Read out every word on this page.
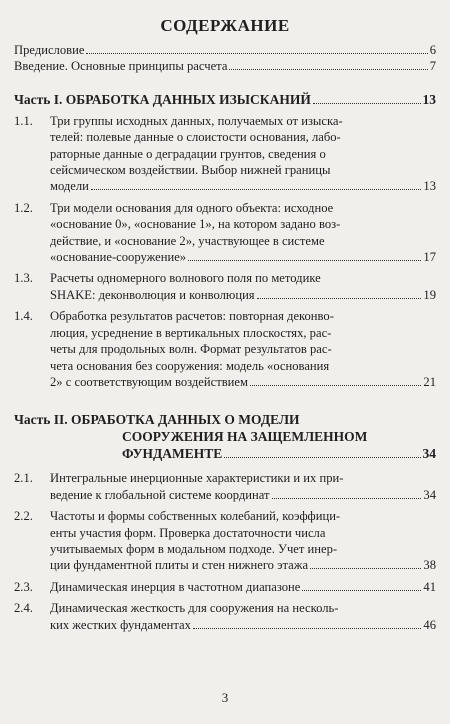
СОДЕРЖАНИЕ
Предисловие	6
Введение. Основные принципы расчета	7
Часть I. ОБРАБОТКА ДАННЫХ ИЗЫСКАНИЙ	13
1.1. Три группы исходных данных, получаемых от изыска-
телей: полевые данные о слоистости основания, лабо-
раторные данные о деградации грунтов, сведения о
сейсмическом воздействии. Выбор нижней границы
модели	13
1.2. Три модели основания для одного объекта: исходное
«основание 0», «основание 1», на котором задано воз-
действие, и «основание 2», участвующее в системе
«основание-сооружение»	17
1.3. Расчеты одномерного волнового поля по методике
SHAKE: деконволюция и конволюция	19
1.4. Обработка результатов расчетов: повторная деконво-
люция, усреднение в вертикальных плоскостях, рас-
четы для продольных волн. Формат результатов рас-
чета основания без сооружения: модель «основания
2» с соответствующим воздействием	21
Часть II. ОБРАБОТКА ДАННЫХ О МОДЕЛИ
СООРУЖЕНИЯ НА ЗАЩЕМЛЕННОМ
ФУНДАМЕНТЕ	34
2.1. Интегральные инерционные характеристики и их при-
ведение к глобальной системе координат	34
2.2. Частоты и формы собственных колебаний, коэффици-
енты участия форм. Проверка достаточности числа
учитываемых форм в модальном подходе. Учет инер-
ции фундаментной плиты и стен нижнего этажа	38
2.3. Динамическая инерция в частотном диапазоне	41
2.4. Динамическая жесткость для сооружения на несколь-
ких жестких фундаментах	46
3
